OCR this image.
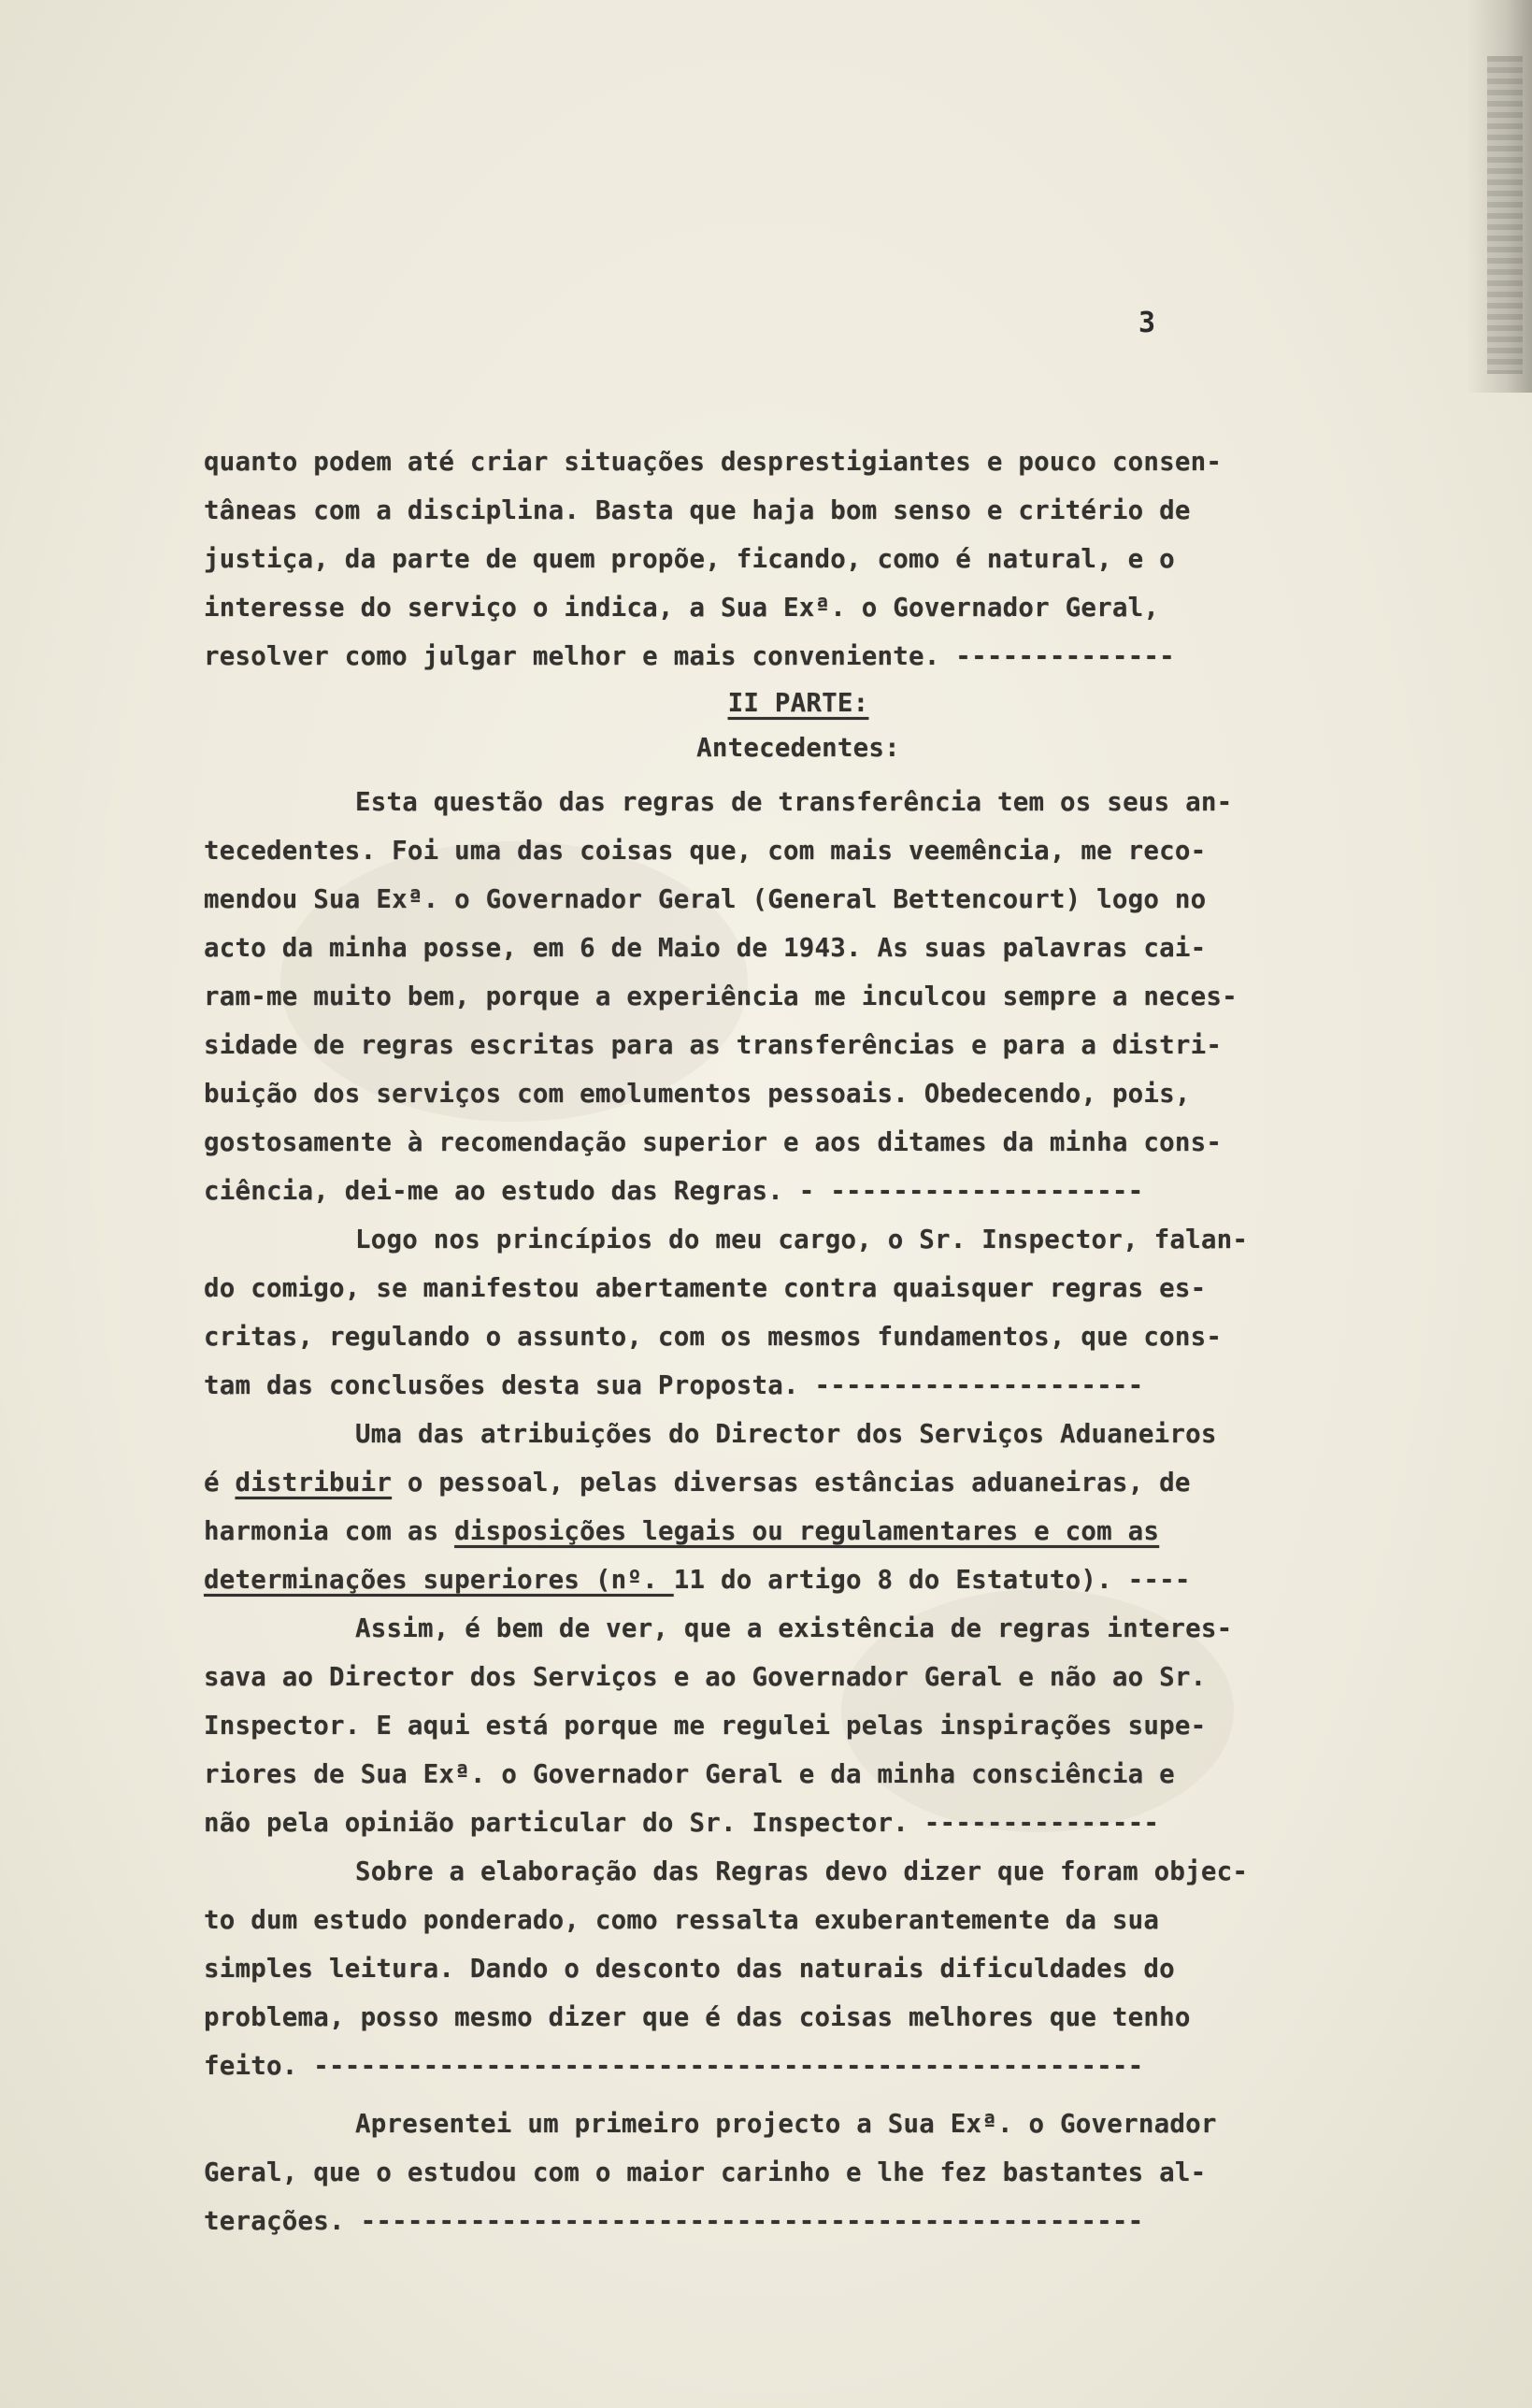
3
quanto podem até criar situações desprestigiantes e pouco consen-
tâneas com a disciplina. Basta que haja bom senso e critério de
justiça, da parte de quem propõe, ficando, como é natural, e o
interesse do serviço o indica, a Sua Exª. o Governador Geral,
resolver como julgar melhor e mais conveniente. --------------
II PARTE:
Antecedentes:
Esta questão das regras de transferência tem os seus an-
tecedentes. Foi uma das coisas que, com mais veemência, me reco-
mendou Sua Exª. o Governador Geral (General Bettencourt) logo no
acto da minha posse, em 6 de Maio de 1943. As suas palavras cai-
ram-me muito bem, porque a experiência me inculcou sempre a neces-
sidade de regras escritas para as transferências e para a distri-
buição dos serviços com emolumentos pessoais. Obedecendo, pois,
gostosamente à recomendação superior e aos ditames da minha cons-
ciência, dei-me ao estudo das Regras. - --------------------
Logo nos princípios do meu cargo, o Sr. Inspector, falan-
do comigo, se manifestou abertamente contra quaisquer regras es-
critas, regulando o assunto, com os mesmos fundamentos, que cons-
tam das conclusões desta sua Proposta. ---------------------
Uma das atribuições do Director dos Serviços Aduaneiros
é distribuir o pessoal, pelas diversas estâncias aduaneiras, de
harmonia com as disposições legais ou regulamentares e com as
determinações superiores (nº. 11 do artigo 8 do Estatuto). ----
Assim, é bem de ver, que a existência de regras interes-
sava ao Director dos Serviços e ao Governador Geral e não ao Sr.
Inspector. E aqui está porque me regulei pelas inspirações supe-
riores de Sua Exª. o Governador Geral e da minha consciência e
não pela opinião particular do Sr. Inspector. ---------------
Sobre a elaboração das Regras devo dizer que foram objec-
to dum estudo ponderado, como ressalta exuberantemente da sua
simples leitura. Dando o desconto das naturais dificuldades do
problema, posso mesmo dizer que é das coisas melhores que tenho
feito. -----------------------------------------------------
Apresentei um primeiro projecto a Sua Exª. o Governador
Geral, que o estudou com o maior carinho e lhe fez bastantes al-
terações. --------------------------------------------------
